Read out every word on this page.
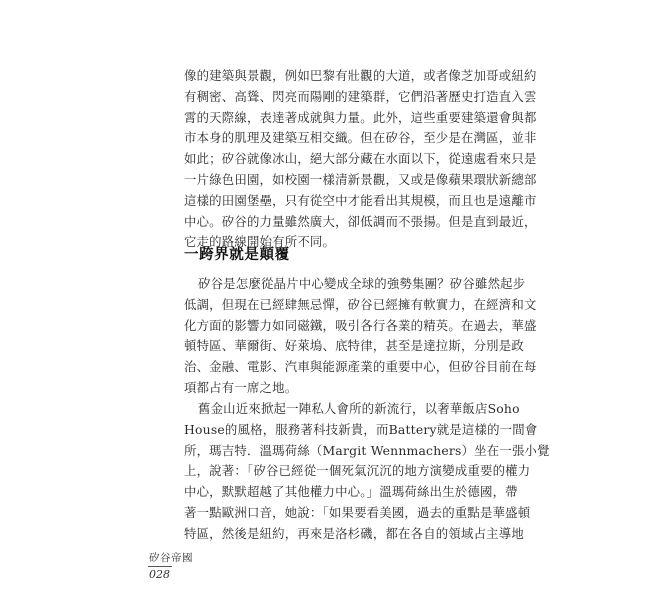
像的建築與景觀，例如巴黎有壯觀的大道，或者像芝加哥或紐約
有稠密、高聳、閃亮而陽剛的建築群，它們沿著歷史打造直入雲
霄的天際線，表達著成就與力量。此外，這些重要建築還會與都
市本身的肌理及建築互相交織。但在矽谷，至少是在灣區，並非
如此；矽谷就像冰山，絕大部分藏在水面以下，從遠處看來只是
一片綠色田園，如校園一樣清新景觀，又或是像蘋果環狀新總部
這樣的田園堡壘，只有從空中才能看出其規模，而且也是遠離市
中心。矽谷的力量雖然廣大，卻低調而不張揚。但是直到最近，
它走的路線開始有所不同。
一跨界就是顛覆
矽谷是怎麼從晶片中心變成全球的強勢集團？矽谷雖然起步
低調，但現在已經肆無忌憚，矽谷已經擁有軟實力，在經濟和文
化方面的影響力如同磁鐵，吸引各行各業的精英。在過去，華盛
頓特區、華爾街、好萊塢、底特律，甚至是達拉斯，分別是政
治、金融、電影、汽車與能源產業的重要中心，但矽谷目前在每
項都占有一席之地。
舊金山近來掀起一陣私人會所的新流行，以奢華飯店Soho
House的風格，服務著科技新貴，而Battery就是這樣的一間會
所，瑪吉特．溫瑪荷絲（Margit Wennmachers）坐在一張小覺
上，說著：「矽谷已經從一個死氣沉沉的地方演變成重要的權力
中心，默默超越了其他權力中心。」溫瑪荷絲出生於德國，帶
著一點歐洲口音，她說：「如果要看美國，過去的重點是華盛頓
特區，然後是紐約，再來是洛杉磯，都在各自的領域占主導地
矽谷帝國
028
